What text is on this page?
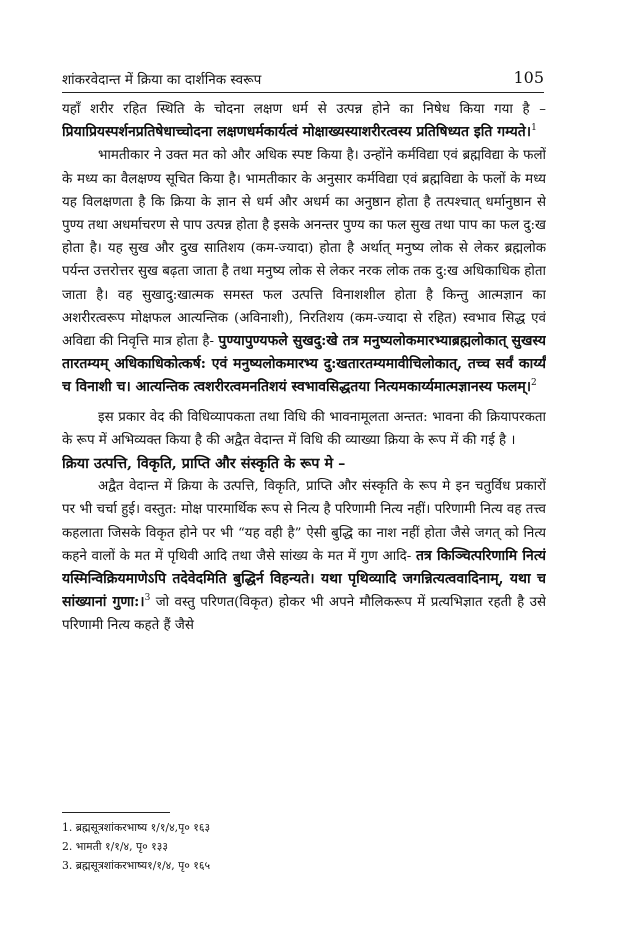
शांकरवेदान्त में क्रिया का दार्शनिक स्वरूप	105

यहाँ शरीर रहित स्थिति के चोदना लक्षण धर्म से उत्पन्न होने का निषेध किया गया है – प्रियाप्रियस्पर्शनप्रतिषेधाच्चोदना लक्षणधर्मकार्यत्वं मोक्षाख्यस्याशरीरत्वस्य प्रतिषिध्यत इति गम्यते।$^1$

भामतीकार ने उक्त मत को और अधिक स्पष्ट किया है। उन्होंने कर्मविद्या एवं ब्रह्मविद्या के फलों के मध्य का वैलक्षण्य सूचित किया है। भामतीकार के अनुसार कर्मविद्या एवं ब्रह्मविद्या के फलों के मध्य यह विलक्षणता है कि क्रिया के ज्ञान से धर्म और अधर्म का अनुष्ठान होता है तत्पश्चात् धर्मानुष्ठान से पुण्य तथा अधर्माचरण से पाप उत्पन्न होता है इसके अनन्तर पुण्य का फल सुख तथा पाप का फल दु:ख होता है। यह सुख और दुख सातिशय (कम-ज्यादा) होता है अर्थात् मनुष्य लोक से लेकर ब्रह्मलोक पर्यन्त उत्तरोत्तर सुख बढ़ता जाता है तथा मनुष्य लोक से लेकर नरक लोक तक दु:ख अधिकाधिक होता जाता है। वह सुखादु:खात्मक समस्त फल उत्पत्ति विनाशशील होता है किन्तु आत्मज्ञान का अशरीरत्वरूप मोक्षफल आत्यन्तिक (अविनाशी), निरतिशय (कम-ज्यादा से रहित) स्वभाव सिद्ध एवं अविद्या की निवृत्ति मात्र होता है- पुण्यापुण्यफले सुखदु:खे तत्र मनुष्यलोकमारभ्याब्रह्मलोकात् सुखस्य तारतम्यम् अधिकाधिकोत्कर्ष: एवं मनुष्यलोकमारभ्य दु:खतारतम्यमावीचिलोकात्, तच्च सर्वं कार्य्यं च विनाशी च। आत्यन्तिक त्वशरीरत्वमनतिशयं स्वभावसिद्धतया नित्यमकार्य्यमात्मज्ञानस्य फलम्।$^2$

इस प्रकार वेद की विधिव्यापकता तथा विधि की भावनामूलता अन्तत: भावना की क्रियापरकता के रूप में अभिव्यक्त किया है की अद्वैत वेदान्त में विधि की व्याख्या क्रिया के रूप में की गई है ।

क्रिया उत्पत्ति, विकृति, प्राप्ति और संस्कृति के रूप मे –

अद्वैत वेदान्त में क्रिया के उत्पत्ति, विकृति, प्राप्ति और संस्कृति के रूप मे इन चतुर्विध प्रकारों पर भी चर्चा हुई। वस्तुत: मोक्ष पारमार्थिक रूप से नित्य है परिणामी नित्य नहीं। परिणामी नित्य वह तत्त्व कहलाता जिसके विकृत होने पर भी “यह वही है” ऐसी बुद्धि का नाश नहीं होता जैसे जगत् को नित्य कहने वालों के मत में पृथिवी आदि तथा जैसे सांख्य के मत में गुण आदि- तत्र किञ्चित्परिणामि नित्यं यस्मिन्विक्रियमाणेऽपि तदेवेदमिति बुद्धिर्न विहन्यते। यथा पृथिव्यादि जगन्नित्यत्ववादिनाम्, यथा च सांख्यानां गुणा:।$^3$ जो वस्तु परिणत(विकृत) होकर भी अपने मौलिकरूप में प्रत्यभिज्ञात रहती है उसे परिणामी नित्य कहते हैं जैसे

1. ब्रह्मसूत्रशांकरभाष्य १/१/४,पृ० १६३
2. भामती १/१/४, पृ० १३३
3. ब्रह्मसूत्रशांकरभाष्य१/१/४, पृ० १६५
